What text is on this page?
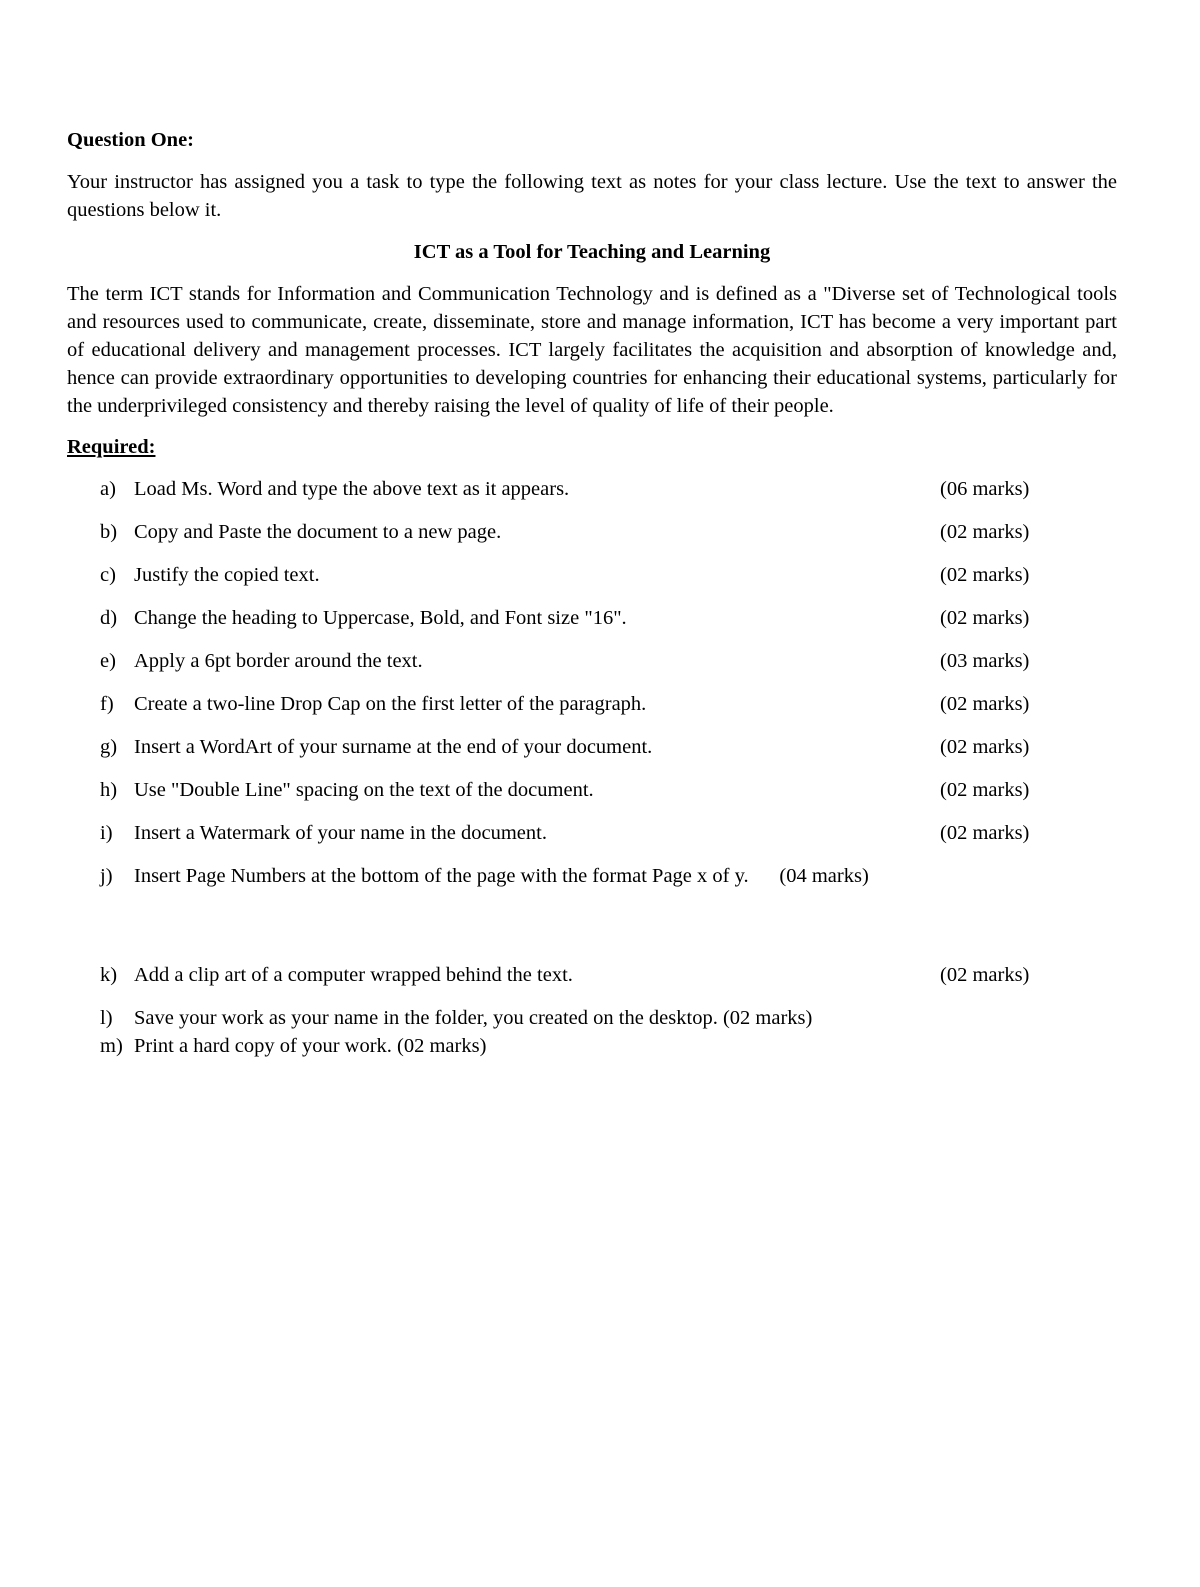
Question One:

Your instructor has assigned you a task to type the following text as notes for your class lecture. Use the text to answer the questions below it.

ICT as a Tool for Teaching and Learning

The term ICT stands for Information and Communication Technology and is defined as a "Diverse set of Technological tools and resources used to communicate, create, disseminate, store and manage information, ICT has become a very important part of educational delivery and management processes. ICT largely facilitates the acquisition and absorption of knowledge and, hence can provide extraordinary opportunities to developing countries for enhancing their educational systems, particularly for the underprivileged consistency and thereby raising the level of quality of life of their people.

Required:

a) Load Ms. Word and type the above text as it appears.	(06 marks)
b) Copy and Paste the document to a new page.	(02 marks)
c) Justify the copied text.	(02 marks)
d) Change the heading to Uppercase, Bold, and Font size "16".	(02 marks)
e) Apply a 6pt border around the text.	(03 marks)
f) Create a two-line Drop Cap on the first letter of the paragraph.	(02 marks)
g) Insert a WordArt of your surname at the end of your document.	(02 marks)
h) Use "Double Line" spacing on the text of the document.	(02 marks)
i) Insert a Watermark of your name in the document.	(02 marks)
j) Insert Page Numbers at the bottom of the page with the format Page x of y.      (04 marks)
k) Add a clip art of a computer wrapped behind the text.	(02 marks)
l) Save your work as your name in the folder, you created on the desktop. (02 marks)
m) Print a hard copy of your work. (02 marks)
